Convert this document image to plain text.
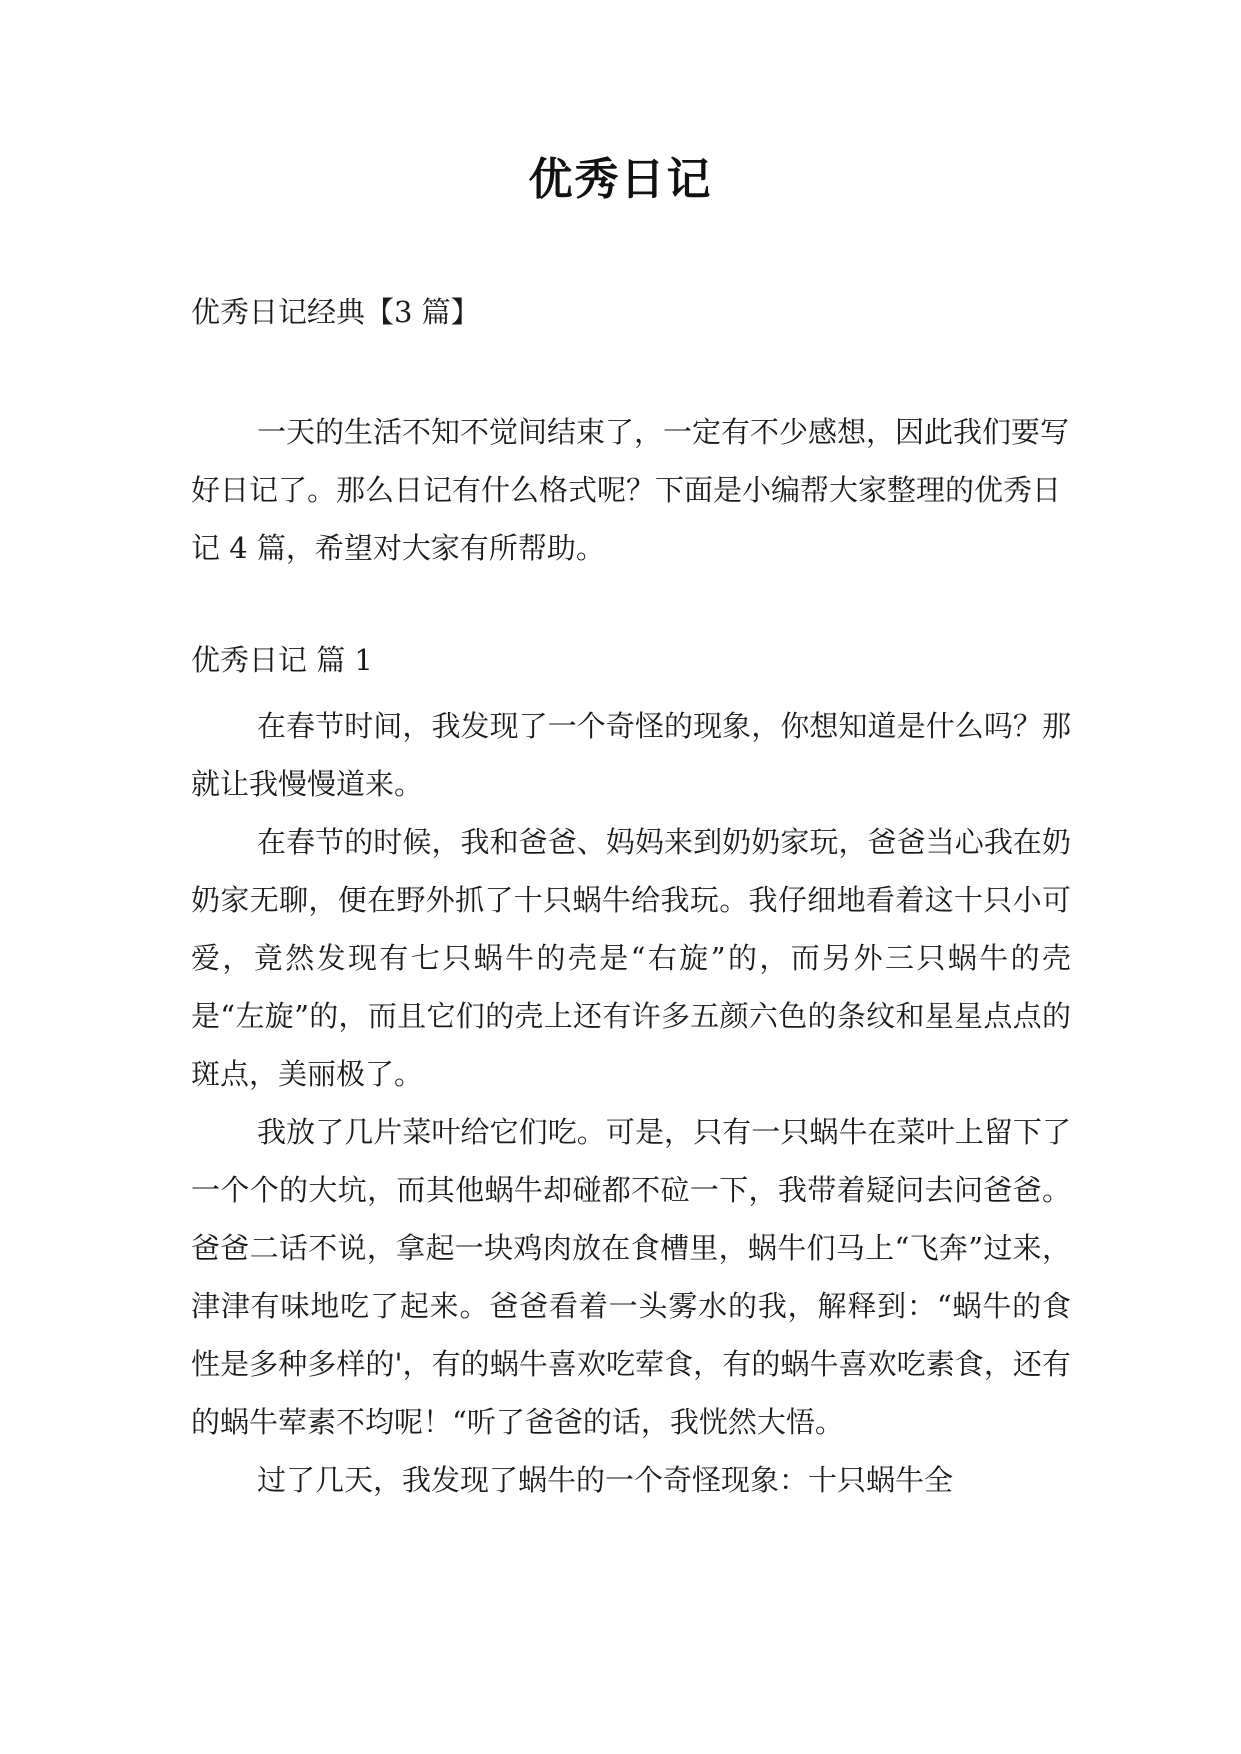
优秀日记
优秀日记经典【3 篇】

一天的生活不知不觉间结束了，一定有不少感想，因此我们要写好日记了。那么日记有什么格式呢？下面是小编帮大家整理的优秀日记 4 篇，希望对大家有所帮助。

优秀日记 篇 1

在春节时间，我发现了一个奇怪的现象，你想知道是什么吗？那就让我慢慢道来。

在春节的时候，我和爸爸、妈妈来到奶奶家玩，爸爸当心我在奶奶家无聊，便在野外抓了十只蜗牛给我玩。我仔细地看着这十只小可爱，竟然发现有七只蜗牛的壳是“右旋”的，而另外三只蜗牛的壳是“左旋”的，而且它们的壳上还有许多五颜六色的条纹和星星点点的斑点，美丽极了。

我放了几片菜叶给它们吃。可是，只有一只蜗牛在菜叶上留下了一个个的大坑，而其他蜗牛却碰都不砬一下，我带着疑问去问爸爸。爸爸二话不说，拿起一块鸡肉放在食槽里，蜗牛们马上“飞奔”过来，津津有味地吃了起来。爸爸看着一头雾水的我，解释到：“蜗牛的食性是多种多样的'，有的蜗牛喜欢吃荤食，有的蜗牛喜欢吃素食，还有的蜗牛荤素不均呢！“听了爸爸的话，我恍然大悟。

过了几天，我发现了蜗牛的一个奇怪现象：十只蜗牛全
